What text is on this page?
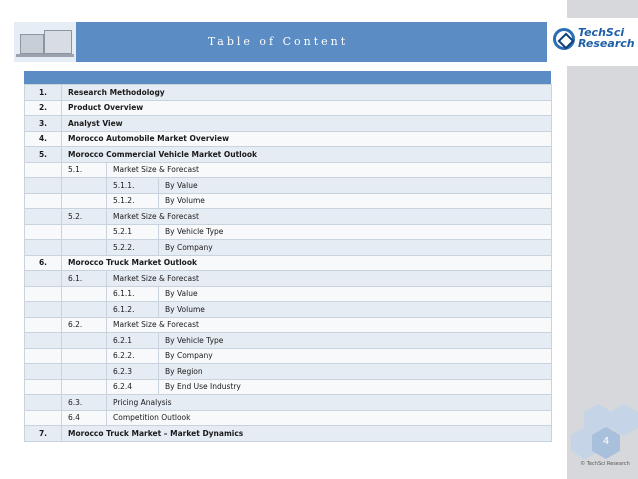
Table of Content
TechSci
Research
1.	Research Methodology		
2.	Product Overview		
3.	Analyst View		
4.	Morocco Automobile Market Overview		
5.	Morocco Commercial Vehicle Market Outlook		
	5.1.	Market Size & Forecast	
		5.1.1.	By Value
		5.1.2.	By Volume
	5.2.	Market Size & Forecast	
		5.2.1	By Vehicle Type
		5.2.2.	By Company
6.	Morocco Truck Market Outlook		
	6.1.	Market Size & Forecast	
		6.1.1.	By Value
		6.1.2.	By Volume
	6.2.	Market Size & Forecast	
		6.2.1	By Vehicle Type
		6.2.2.	By Company
		6.2.3	By Region
		6.2.4	By End Use Industry
	6.3.	Pricing Analysis	
	6.4	Competition Outlook	
7.	Morocco Truck Market – Market Dynamics		
4
© TechSci Research
